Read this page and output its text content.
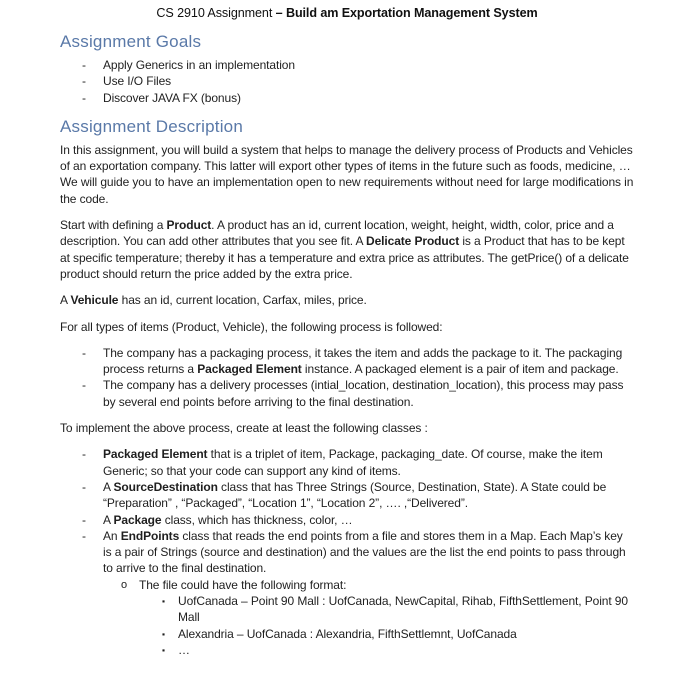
CS 2910 Assignment – Build am Exportation Management System
Assignment Goals
-	Apply Generics in an implementation
-	Use I/O Files
-	Discover JAVA FX (bonus)
Assignment Description

In this assignment, you will build a system that helps to manage the delivery process of Products and Vehicles of an exportation company. This latter will export other types of items in the future such as foods, medicine, … We will guide you to have an implementation open to new requirements without need for large modifications in the code.

Start with defining a Product. A product has an id, current location, weight, height, width, color, price and a description. You can add other attributes that you see fit. A Delicate Product is a Product that has to be kept at specific temperature; thereby it has a temperature and extra price as attributes. The getPrice() of a delicate product should return the price added by the extra price.

A Vehicule has an id, current location, Carfax, miles, price.

For all types of items (Product, Vehicle), the following process is followed:

-	The company has a packaging process, it takes the item and adds the package to it. The packaging process returns a Packaged Element instance. A packaged element is a pair of item and package.
-	The company has a delivery processes (intial_location, destination_location), this process may pass by several end points before arriving to the final destination.

To implement the above process, create at least the following classes :

-	Packaged Element that is a triplet of item, Package, packaging_date. Of course, make the item Generic; so that your code can support any kind of items.
-	A SourceDestination class that has Three Strings (Source, Destination, State). A State could be “Preparation” , “Packaged”, “Location 1”, “Location 2”, …. ,“Delivered”.
-	A Package class, which has thickness, color, …
-	An EndPoints class that reads the end points from a file and stores them in a Map. Each Map’s key is a pair of Strings (source and destination) and the values are the list the end points to pass through to arrive to the final destination.
o The file could have the following format:
▪	UofCanada – Point 90 Mall : UofCanada, NewCapital, Rihab, FifthSettlement, Point 90 Mall
▪	Alexandria – UofCanada : Alexandria, FifthSettlemnt, UofCanada
▪	…
